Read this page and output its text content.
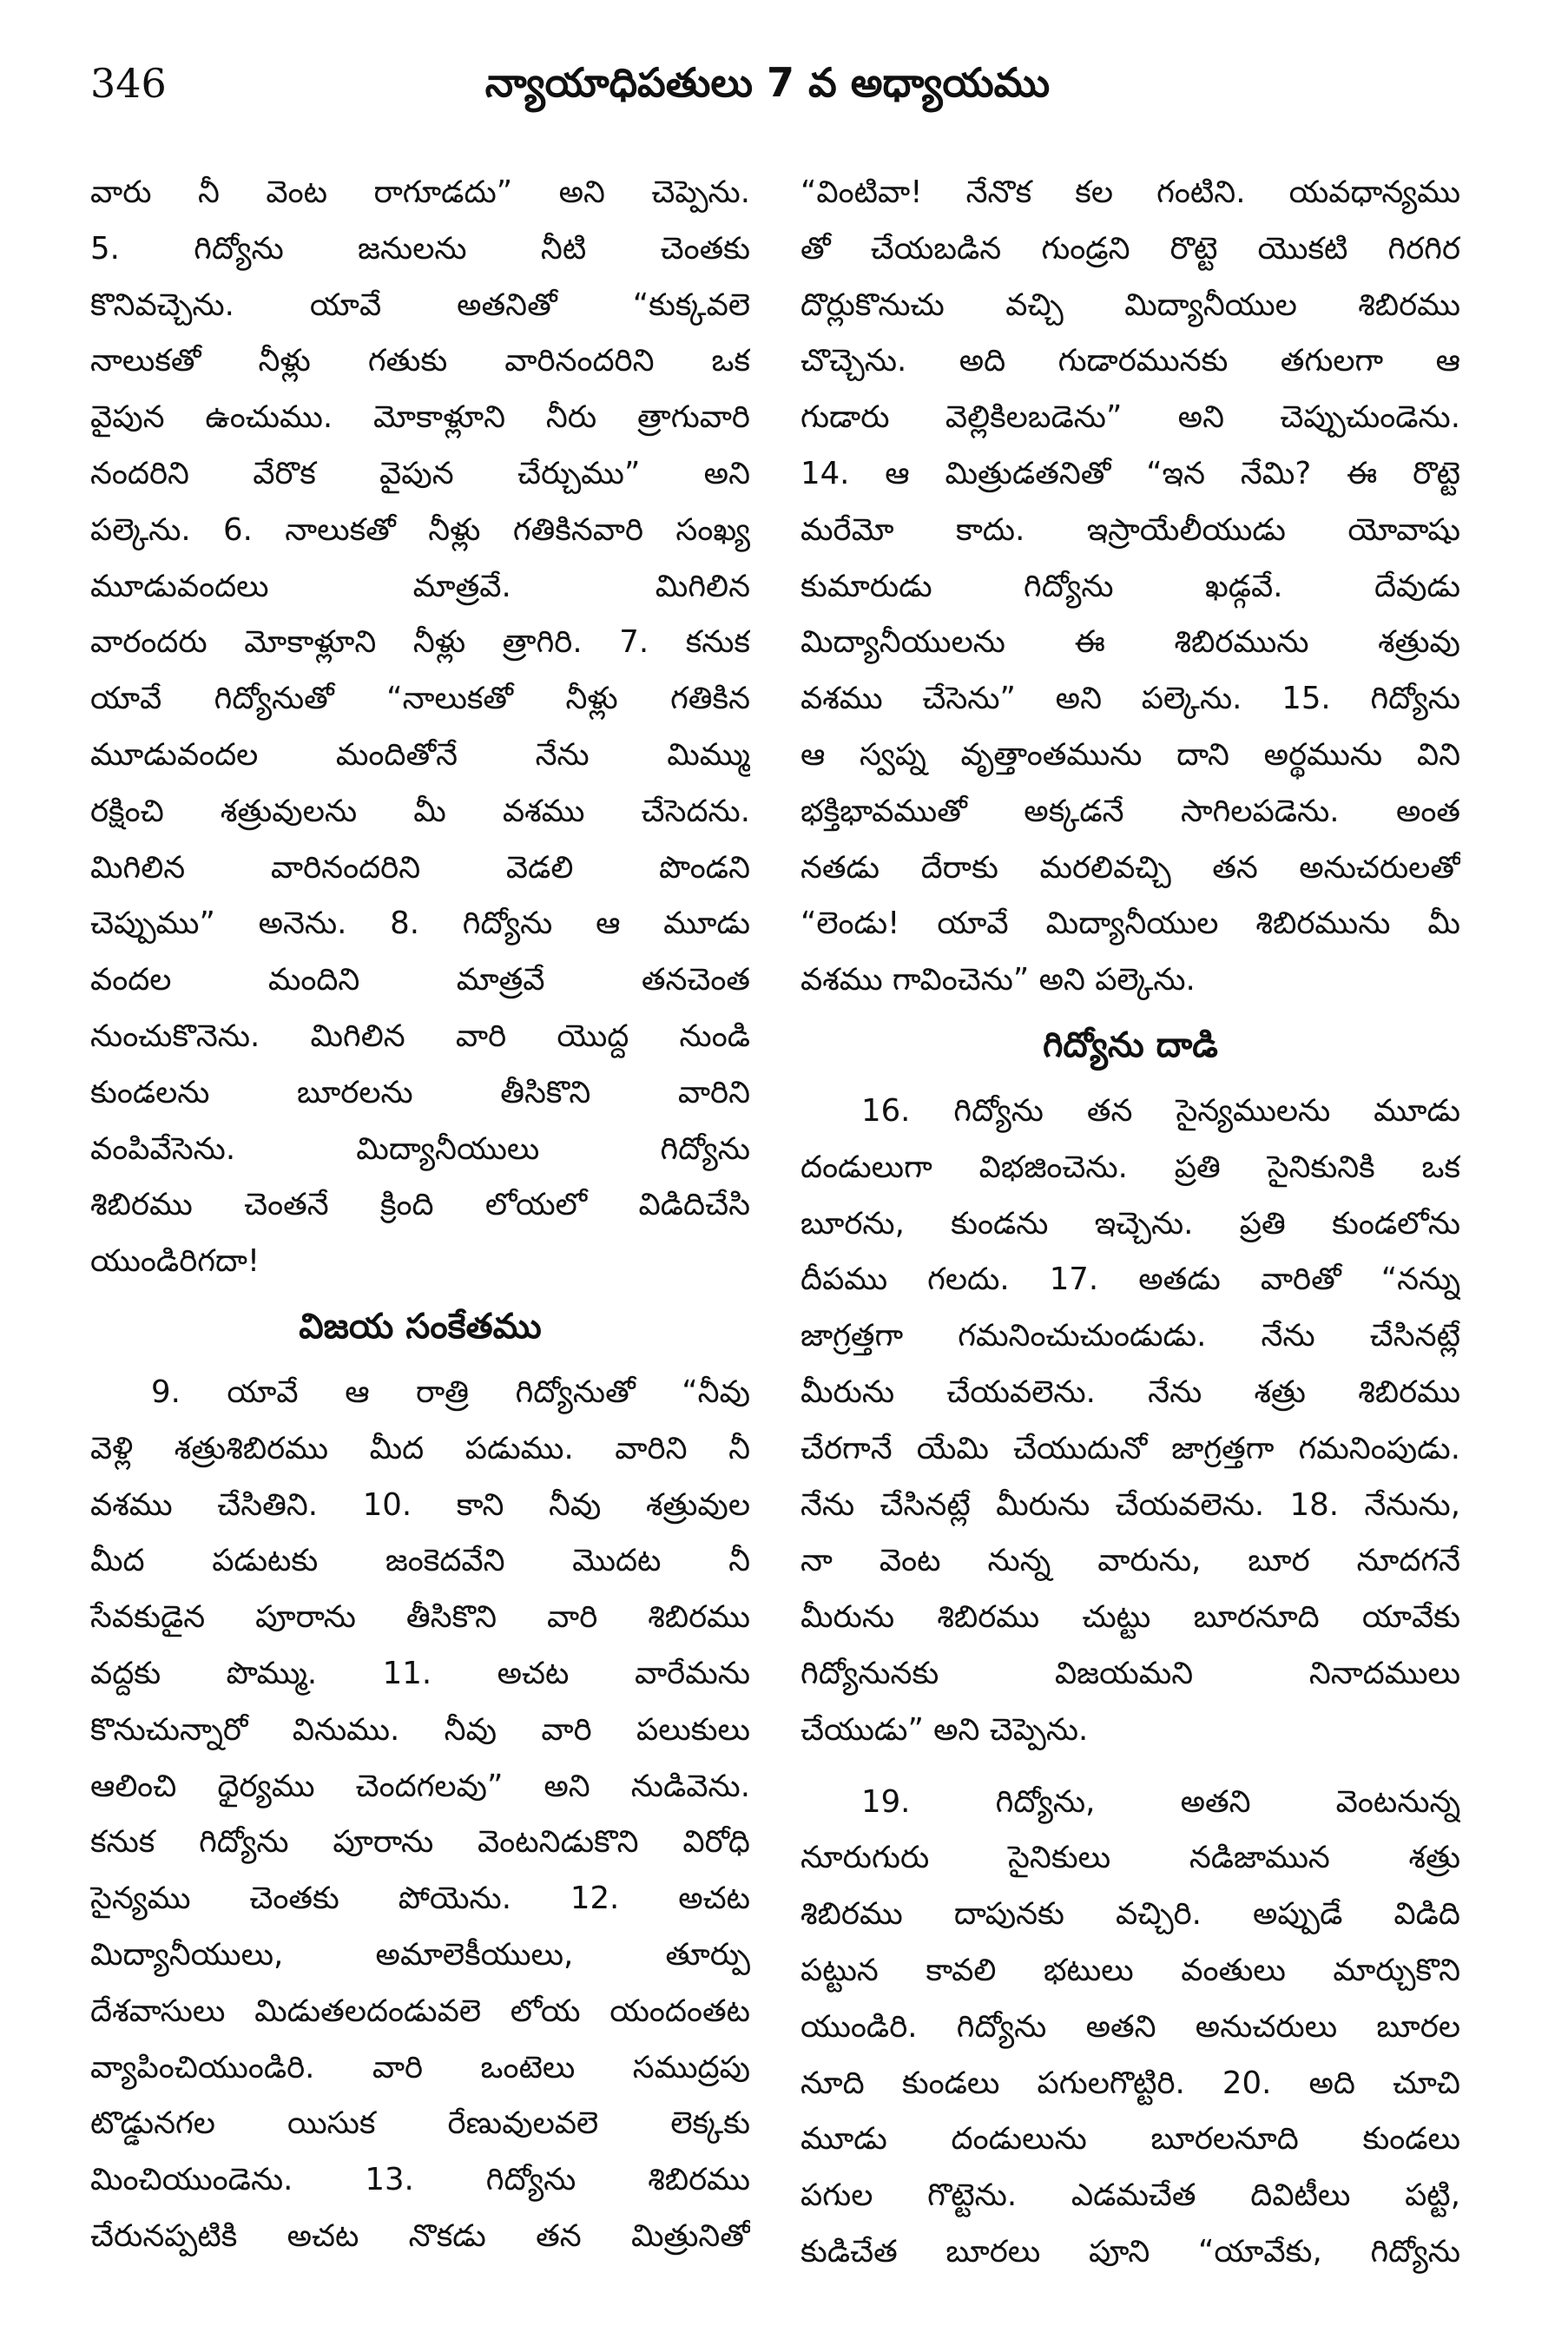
346	న్యాయాధిపతులు 7 వ అధ్యాయము
వారు నీ వెంట రాగూడదు” అని చెప్పెను.
5. గిద్యోను జనులను నీటి చెంతకు
కొనివచ్చెను. యావే అతనితో “కుక్కవలె
నాలుకతో నీళ్లు గతుకు వారినందరిని ఒక
వైపున ఉంచుము. మోకాళ్లూని నీరు త్రాగువారి
నందరిని వేరొక వైపున చేర్చుము” అని
పల్కెను. 6. నాలుకతో నీళ్లు గతికినవారి సంఖ్య
మూడువందలు మాత్రవే. మిగిలిన
వారందరు మోకాళ్లూని నీళ్లు త్రాగిరి. 7. కనుక
యావే గిద్యోనుతో “నాలుకతో నీళ్లు గతికిన
మూడువందల మందితోనే నేను మిమ్ము
రక్షించి శత్రువులను మీ వశము చేసెదను.
మిగిలిన వారినందరిని వెడలి పొండని
చెప్పుము” అనెను. 8. గిద్యోను ఆ మూడు
వందల మందిని మాత్రవే తనచెంత
నుంచుకొనెను. మిగిలిన వారి యొద్ద నుండి
కుండలను బూరలను తీసికొని వారిని
వంపివేసెను. మిద్యానీయులు గిద్యోను
శిబిరము చెంతనే క్రింది లోయలో విడిదిచేసి
యుండిరిగదా!
విజయ సంకేతము
9. యావే ఆ రాత్రి గిద్యోనుతో “నీవు
వెళ్లి శత్రుశిబిరము మీద పడుము. వారిని నీ
వశము చేసితిని. 10. కాని నీవు శత్రువుల
మీద పడుటకు జంకెదవేని మొదట నీ
సేవకుడైన పూరాను తీసికొని వారి శిబిరము
వద్దకు పొమ్ము. 11. అచట వారేమను
కొనుచున్నారో వినుము. నీవు వారి పలుకులు
ఆలించి ధైర్యము చెందగలవు” అని నుడివెను.
కనుక గిద్యోను పూరాను వెంటనిడుకొని విరోధి
సైన్యము చెంతకు పోయెను. 12. అచట
మిద్యానీయులు, అమాలెకీయులు, తూర్పు
దేశవాసులు మిడుతలదండువలె లోయ యందంతట
వ్యాపించియుండిరి. వారి ఒంటెలు సముద్రపు
టొడ్డునగల యిసుక రేణువులవలె లెక్కకు
మించియుండెను. 13. గిద్యోను శిబిరము
చేరునప్పటికి అచట నొకడు తన మిత్రునితో
“వింటివా! నేనొక కల గంటిని. యవధాన్యము
తో చేయబడిన గుండ్రని రొట్టె యొకటి గిరగిర
దొర్లుకొనుచు వచ్చి మిద్యానీయుల శిబిరము
చొచ్చెను. అది గుడారమునకు తగులగా ఆ
గుడారు వెల్లికిలబడెను” అని చెప్పుచుండెను.
14. ఆ మిత్రుడతనితో “ఇన నేమి? ఈ రొట్టె
మరేమో కాదు. ఇస్రాయేలీయుడు యోవాషు
కుమారుడు గిద్యోను ఖడ్గవే. దేవుడు
మిద్యానీయులను ఈ శిబిరమును శత్రువు
వశము చేసెను” అని పల్కెను. 15. గిద్యోను
ఆ స్వప్న వృత్తాంతమును దాని అర్థమును విని
భక్తిభావముతో అక్కడనే సాగిలపడెను. అంత
నతడు దేరాకు మరలివచ్చి తన అనుచరులతో
“లెండు! యావే మిద్యానీయుల శిబిరమును మీ
వశము గావించెను” అని పల్కెను.
గిద్యోను దాడి
16. గిద్యోను తన సైన్యములను మూడు
దండులుగా విభజించెను. ప్రతి సైనికునికి ఒక
బూరను, కుండను ఇచ్చెను. ప్రతి కుండలోను
దీపము గలదు. 17. అతడు వారితో “నన్ను
జాగ్రత్తగా గమనించుచుండుడు. నేను చేసినట్లే
మీరును చేయవలెను. నేను శత్రు శిబిరము
చేరగానే యేమి చేయుదునో జాగ్రత్తగా గమనింపుడు.
నేను చేసినట్లే మీరును చేయవలెను. 18. నేనును,
నా వెంట నున్న వారును, బూర నూదగనే
మీరును శిబిరము చుట్టు బూరనూది యావేకు
గిద్యోనునకు విజయమని నినాదములు
చేయుడు” అని చెప్పెను.
19. గిద్యోను, అతని వెంటనున్న
నూరుగురు సైనికులు నడిజామున శత్రు
శిబిరము దాపునకు వచ్చిరి. అప్పుడే విడిది
పట్టున కావలి భటులు వంతులు మార్చుకొని
యుండిరి. గిద్యోను అతని అనుచరులు బూరల
నూది కుండలు పగులగొట్టిరి. 20. అది చూచి
మూడు దండులును బూరలనూది కుండలు
పగుల గొట్టెను. ఎడమచేత దివిటీలు పట్టి,
కుడిచేత బూరలు పూని “యావేకు, గిద్యోను
